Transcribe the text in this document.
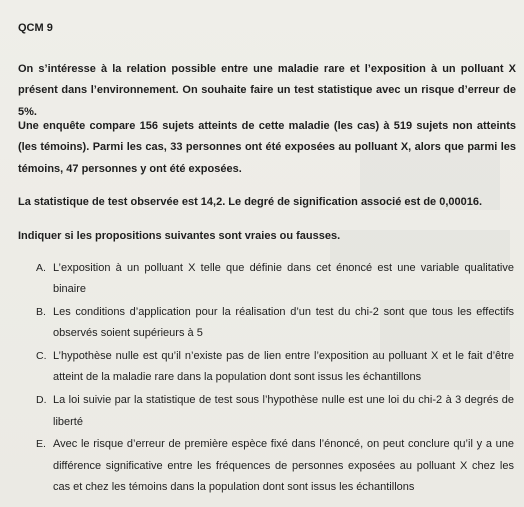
QCM 9
On s’intéresse à la relation possible entre une maladie rare et l’exposition à un polluant X présent dans l’environnement. On souhaite faire un test statistique avec un risque d’erreur de 5%.
Une enquête compare 156 sujets atteints de cette maladie (les cas) à 519 sujets non atteints (les témoins). Parmi les cas, 33 personnes ont été exposées au polluant X, alors que parmi les témoins, 47 personnes y ont été exposées.
La statistique de test observée est 14,2. Le degré de signification associé est de 0,00016.
Indiquer si les propositions suivantes sont vraies ou fausses.
A. L’exposition à un polluant X telle que définie dans cet énoncé est une variable qualitative binaire
B. Les conditions d’application pour la réalisation d’un test du chi-2 sont que tous les effectifs observés soient supérieurs à 5
C. L’hypothèse nulle est qu’il n’existe pas de lien entre l’exposition au polluant X et le fait d’être atteint de la maladie rare dans la population dont sont issus les échantillons
D. La loi suivie par la statistique de test sous l’hypothèse nulle est une loi du chi-2 à 3 degrés de liberté
E. Avec le risque d’erreur de première espèce fixé dans l’énoncé, on peut conclure qu’il y a une différence significative entre les fréquences de personnes exposées au polluant X chez les cas et chez les témoins dans la population dont sont issus les échantillons
